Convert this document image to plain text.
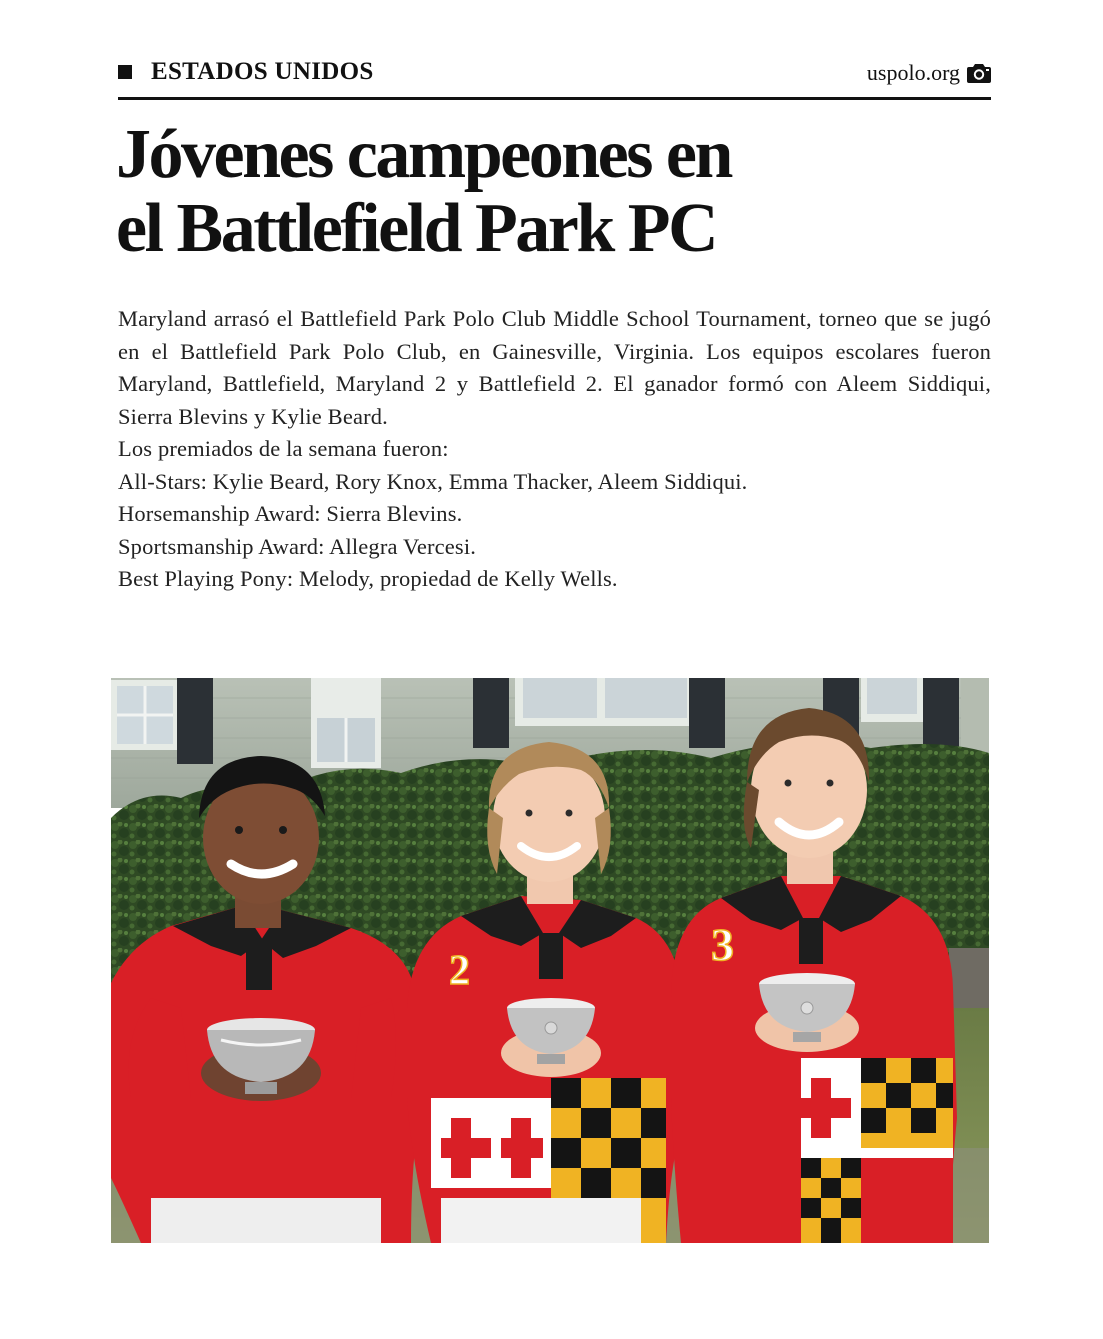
ESTADOS UNIDOS	uspolo.org
Jóvenes campeones en
el Battlefield Park PC

Maryland arrasó el Battlefield Park Polo Club Middle School Tournament, torneo que se jugó en el Battlefield Park Polo Club, en Gainesville, Virginia. Los equipos escolares fueron Maryland, Battlefield, Maryland 2 y Battlefield 2. El ganador formó con Aleem Siddiqui, Sierra Blevins y Kylie Beard.

Los premiados de la semana fueron:

All-Stars: Kylie Beard, Rory Knox, Emma Thacker, Aleem Siddiqui.

Horsemanship Award: Sierra Blevins.

Sportsmanship Award: Allegra Vercesi.

Best Playing Pony: Melody, propiedad de Kelly Wells.

2
3
